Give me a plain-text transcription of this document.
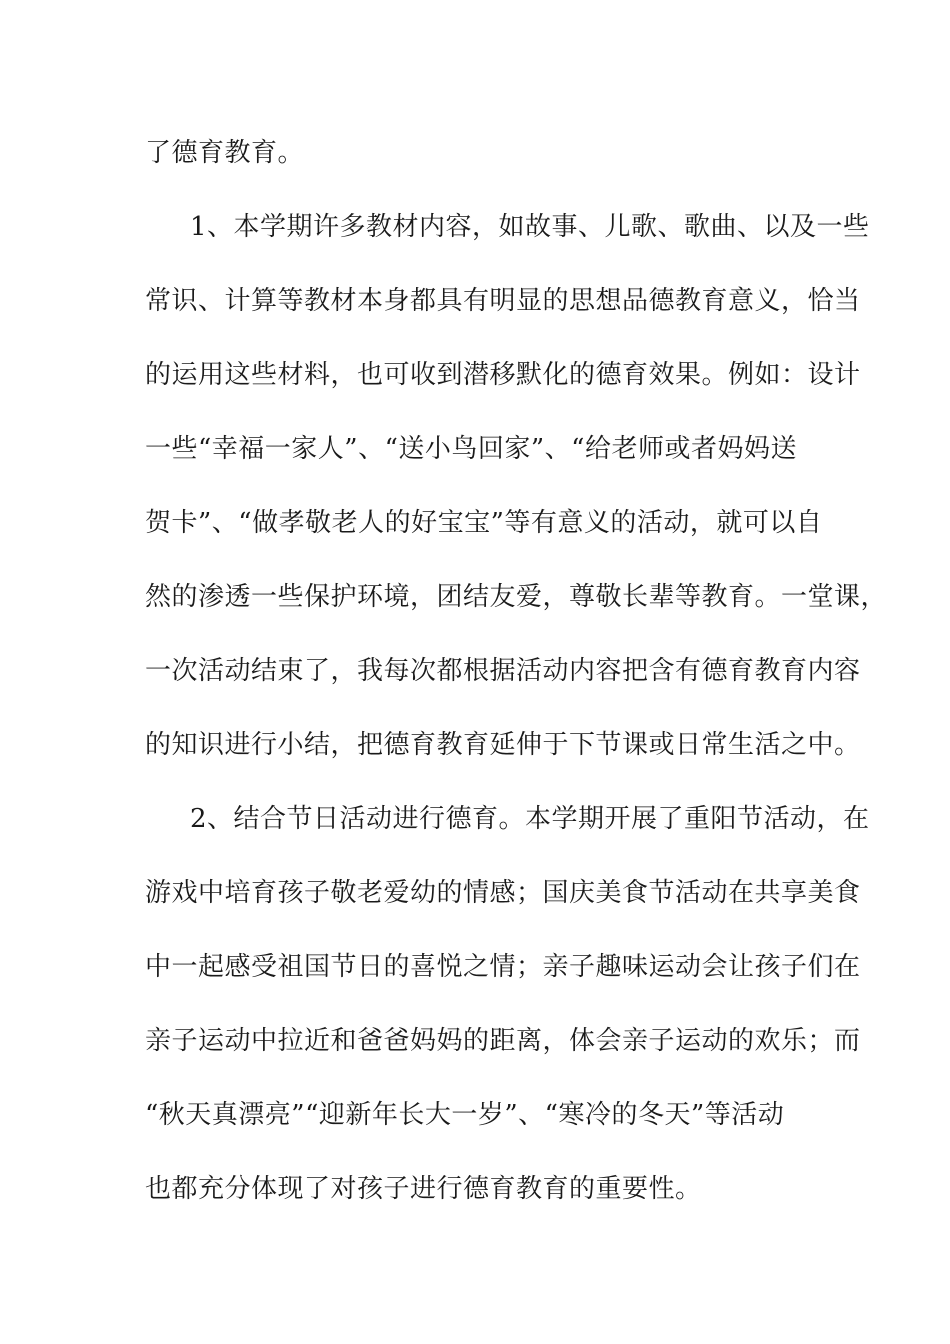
了德育教育。
1、本学期许多教材内容，如故事、儿歌、歌曲、以及一些
常识、计算等教材本身都具有明显的思想品德教育意义，恰当
的运用这些材料，也可收到潜移默化的德育效果。例如：设计
一些“幸福一家人”、“送小鸟回家”、“给老师或者妈妈送
贺卡”、“做孝敬老人的好宝宝”等有意义的活动，就可以自
然的渗透一些保护环境，团结友爱，尊敬长辈等教育。一堂课，
一次活动结束了，我每次都根据活动内容把含有德育教育内容
的知识进行小结，把德育教育延伸于下节课或日常生活之中。
2、结合节日活动进行德育。本学期开展了重阳节活动，在
游戏中培育孩子敬老爱幼的情感；国庆美食节活动在共享美食
中一起感受祖国节日的喜悦之情；亲子趣味运动会让孩子们在
亲子运动中拉近和爸爸妈妈的距离，体会亲子运动的欢乐；而
“秋天真漂亮”“迎新年长大一岁”、“寒冷的冬天”等活动
也都充分体现了对孩子进行德育教育的重要性。
